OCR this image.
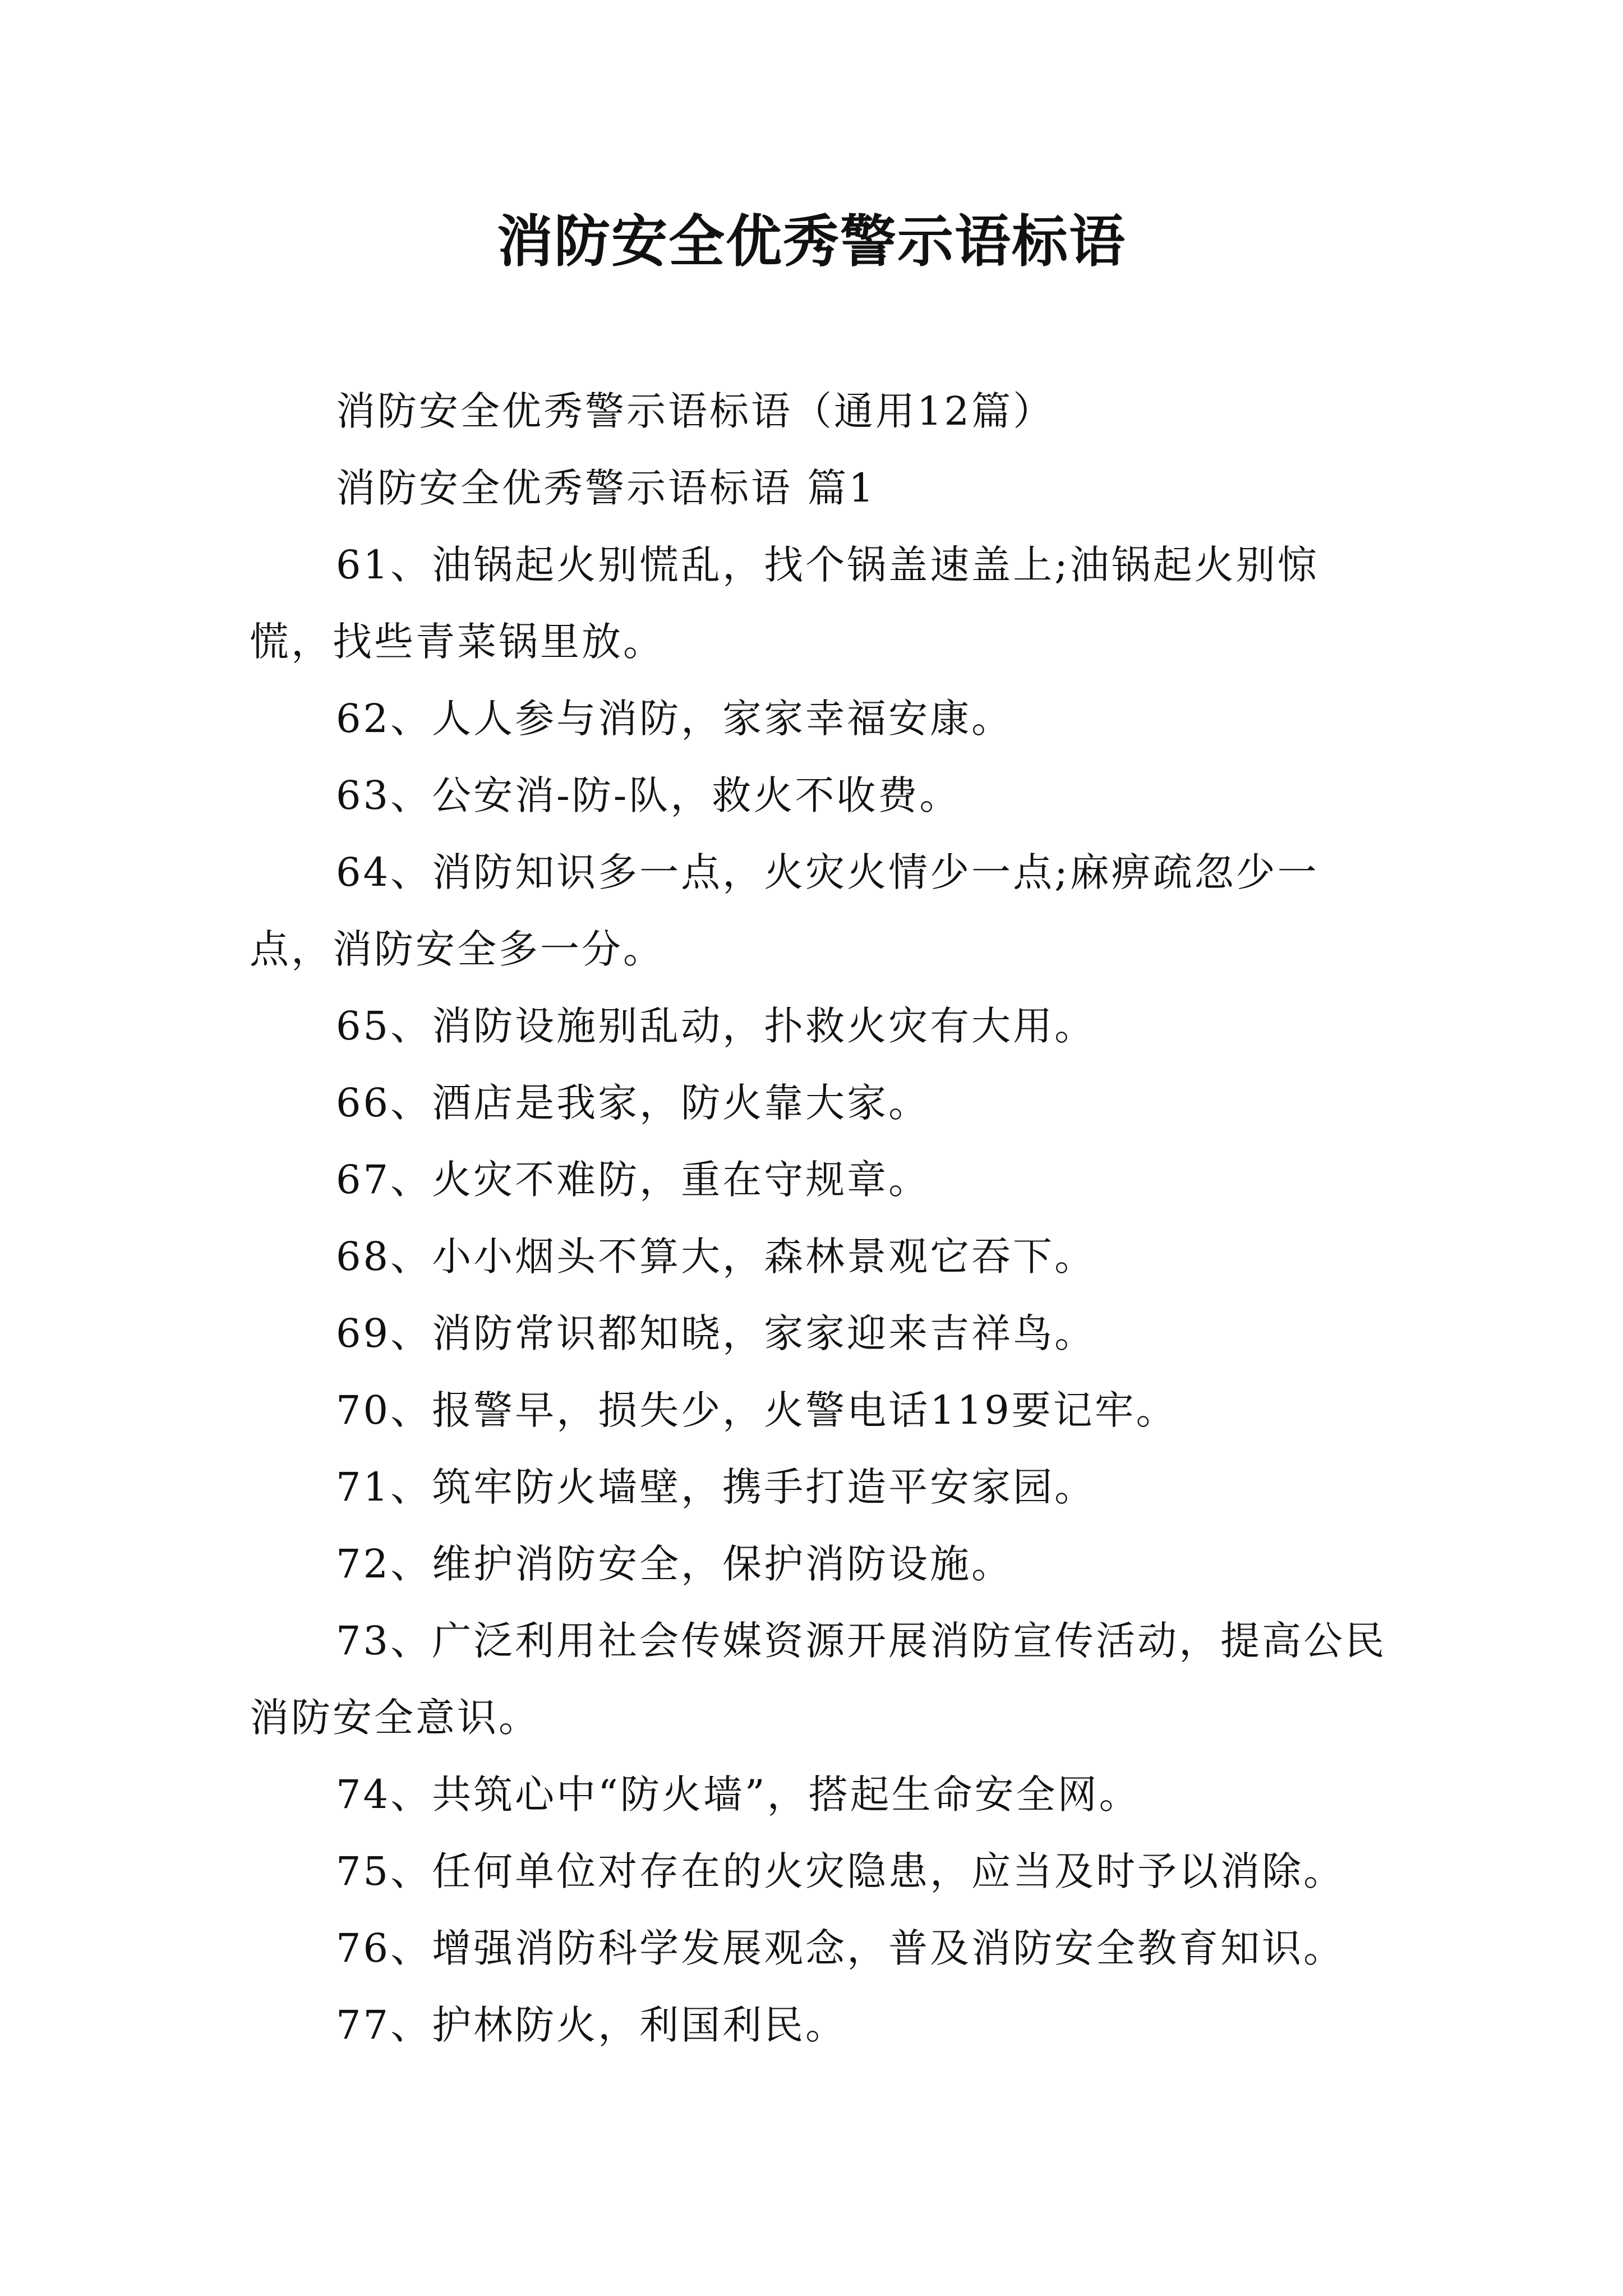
消防安全优秀警示语标语

消防安全优秀警示语标语（通用12篇）

消防安全优秀警示语标语 篇1

61、油锅起火别慌乱，找个锅盖速盖上;油锅起火别惊慌，找些青菜锅里放。

62、人人参与消防，家家幸福安康。

63、公安消-防-队，救火不收费。

64、消防知识多一点，火灾火情少一点;麻痹疏忽少一点，消防安全多一分。

65、消防设施别乱动，扑救火灾有大用。

66、酒店是我家，防火靠大家。

67、火灾不难防，重在守规章。

68、小小烟头不算大，森林景观它吞下。

69、消防常识都知晓，家家迎来吉祥鸟。

70、报警早，损失少，火警电话119要记牢。

71、筑牢防火墙壁，携手打造平安家园。

72、维护消防安全，保护消防设施。

73、广泛利用社会传媒资源开展消防宣传活动，提高公民消防安全意识。

74、共筑心中“防火墙”，搭起生命安全网。

75、任何单位对存在的火灾隐患，应当及时予以消除。

76、增强消防科学发展观念，普及消防安全教育知识。

77、护林防火，利国利民。
